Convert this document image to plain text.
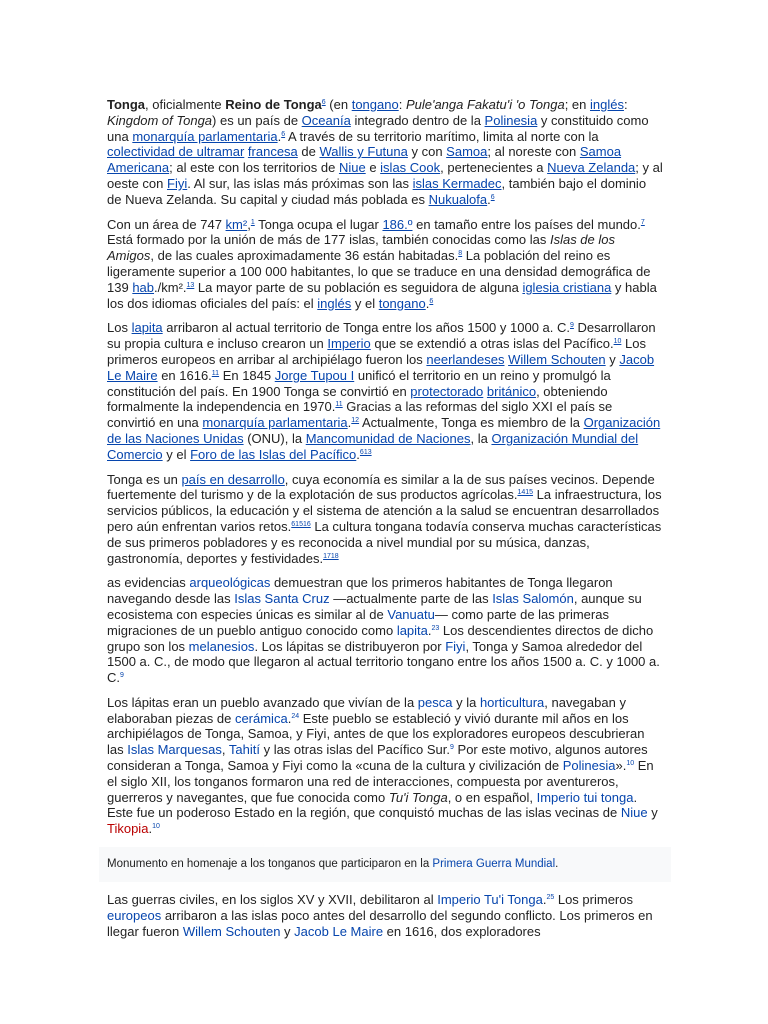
Tonga, oficialmente Reino de Tonga$^6$ (en tongano: Pule'anga Fakatu'i 'o Tonga; en inglés: Kingdom of Tonga) es un país de Oceanía integrado dentro de la Polinesia y constituido como una monarquía parlamentaria.$^6$ A través de su territorio marítimo, limita al norte con la colectividad de ultramar francesa de Wallis y Futuna y con Samoa; al noreste con Samoa Americana; al este con los territorios de Niue e islas Cook, pertenecientes a Nueva Zelanda; y al oeste con Fiyi. Al sur, las islas más próximas son las islas Kermadec, también bajo el dominio de Nueva Zelanda. Su capital y ciudad más poblada es Nukualofa.$^6$

Con un área de 747 km²,$^1$ Tonga ocupa el lugar 186.º en tamaño entre los países del mundo.$^7$ Está formado por la unión de más de 177 islas, también conocidas como las Islas de los Amigos, de las cuales aproximadamente 36 están habitadas.$^8$ La población del reino es ligeramente superior a 100 000 habitantes, lo que se traduce en una densidad demográfica de 139 hab./km².$^{13}$ La mayor parte de su población es seguidora de alguna iglesia cristiana y habla los dos idiomas oficiales del país: el inglés y el tongano.$^6$

Los lapita arribaron al actual territorio de Tonga entre los años 1500 y 1000 a. C.$^9$ Desarrollaron su propia cultura e incluso crearon un Imperio que se extendió a otras islas del Pacífico.$^{10}$ Los primeros europeos en arribar al archipiélago fueron los neerlandeses Willem Schouten y Jacob Le Maire en 1616.11 En 1845 Jorge Tupou I unificó el territorio en un reino y promulgó la constitución del país. En 1900 Tonga se convirtió en protectorado británico, obteniendo formalmente la independencia en 1970.11 Gracias a las reformas del siglo XXI el país se convirtió en una monarquía parlamentaria.$^{12}$ Actualmente, Tonga es miembro de la Organización de las Naciones Unidas (ONU), la Mancomunidad de Naciones, la Organización Mundial del Comercio y el Foro de las Islas del Pacífico.$^{613}$

Tonga es un país en desarrollo, cuya economía es similar a la de sus países vecinos. Depende fuertemente del turismo y de la explotación de sus productos agrícolas.$^{1415}$ La infraestructura, los servicios públicos, la educación y el sistema de atención a la salud se encuentran desarrollados pero aún enfrentan varios retos.$^{61516}$ La cultura tongana todavía conserva muchas características de sus primeros pobladores y es reconocida a nivel mundial por su música, danzas, gastronomía, deportes y festividades.$^{1718}$

as evidencias arqueológicas demuestran que los primeros habitantes de Tonga llegaron navegando desde las Islas Santa Cruz —actualmente parte de las Islas Salomón, aunque su ecosistema con especies únicas es similar al de Vanuatu— como parte de las primeras migraciones de un pueblo antiguo conocido como lapita.$^{23}$ Los descendientes directos de dicho grupo son los melanesios. Los lápitas se distribuyeron por Fiyi, Tonga y Samoa alrededor del 1500 a. C., de modo que llegaron al actual territorio tongano entre los años 1500 a. C. y 1000 a. C.$^9$

Los lápitas eran un pueblo avanzado que vivían de la pesca y la horticultura, navegaban y elaboraban piezas de cerámica.$^{24}$ Este pueblo se estableció y vivió durante mil años en los archipiélagos de Tonga, Samoa, y Fiyi, antes de que los exploradores europeos descubrieran las Islas Marquesas, Tahití y las otras islas del Pacífico Sur.$^9$ Por este motivo, algunos autores consideran a Tonga, Samoa y Fiyi como la «cuna de la cultura y civilización de Polinesia».$^{10}$ En el siglo XII, los tonganos formaron una red de interacciones, compuesta por aventureros, guerreros y navegantes, que fue conocida como Tu'i Tonga, o en español, Imperio tui tonga. Este fue un poderoso Estado en la región, que conquistó muchas de las islas vecinas de Niue y Tikopia.$^{10}$

Monumento en homenaje a los tonganos que participaron en la Primera Guerra Mundial.

Las guerras civiles, en los siglos XV y XVII, debilitaron al Imperio Tu'i Tonga.$^{25}$ Los primeros europeos arribaron a las islas poco antes del desarrollo del segundo conflicto. Los primeros en llegar fueron Willem Schouten y Jacob Le Maire en 1616, dos exploradores
